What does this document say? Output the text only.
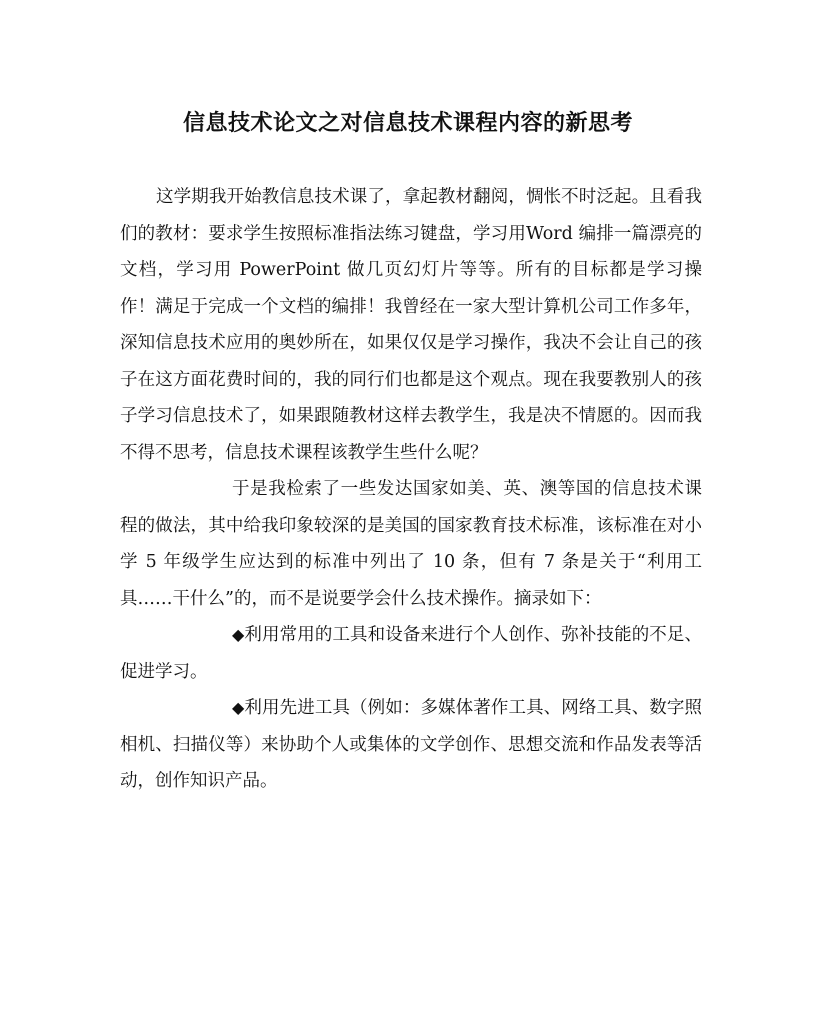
信息技术论文之对信息技术课程内容的新思考

这学期我开始教信息技术课了，拿起教材翻阅，惆怅不时泛起。且看我们的教材：要求学生按照标准指法练习键盘，学习用Word 编排一篇漂亮的文档，学习用 PowerPoint 做几页幻灯片等等。所有的目标都是学习操作！满足于完成一个文档的编排！我曾经在一家大型计算机公司工作多年，深知信息技术应用的奥妙所在，如果仅仅是学习操作，我决不会让自己的孩子在这方面花费时间的，我的同行们也都是这个观点。现在我要教别人的孩子学习信息技术了，如果跟随教材这样去教学生，我是决不情愿的。因而我不得不思考，信息技术课程该教学生些什么呢？

于是我检索了一些发达国家如美、英、澳等国的信息技术课程的做法，其中给我印象较深的是美国的国家教育技术标准，该标准在对小学 5 年级学生应达到的标准中列出了 10 条，但有 7 条是关于“利用工具……干什么”的，而不是说要学会什么技术操作。摘录如下：

◆利用常用的工具和设备来进行个人创作、弥补技能的不足、促进学习。

◆利用先进工具（例如：多媒体著作工具、网络工具、数字照相机、扫描仪等）来协助个人或集体的文学创作、思想交流和作品发表等活动，创作知识产品。
